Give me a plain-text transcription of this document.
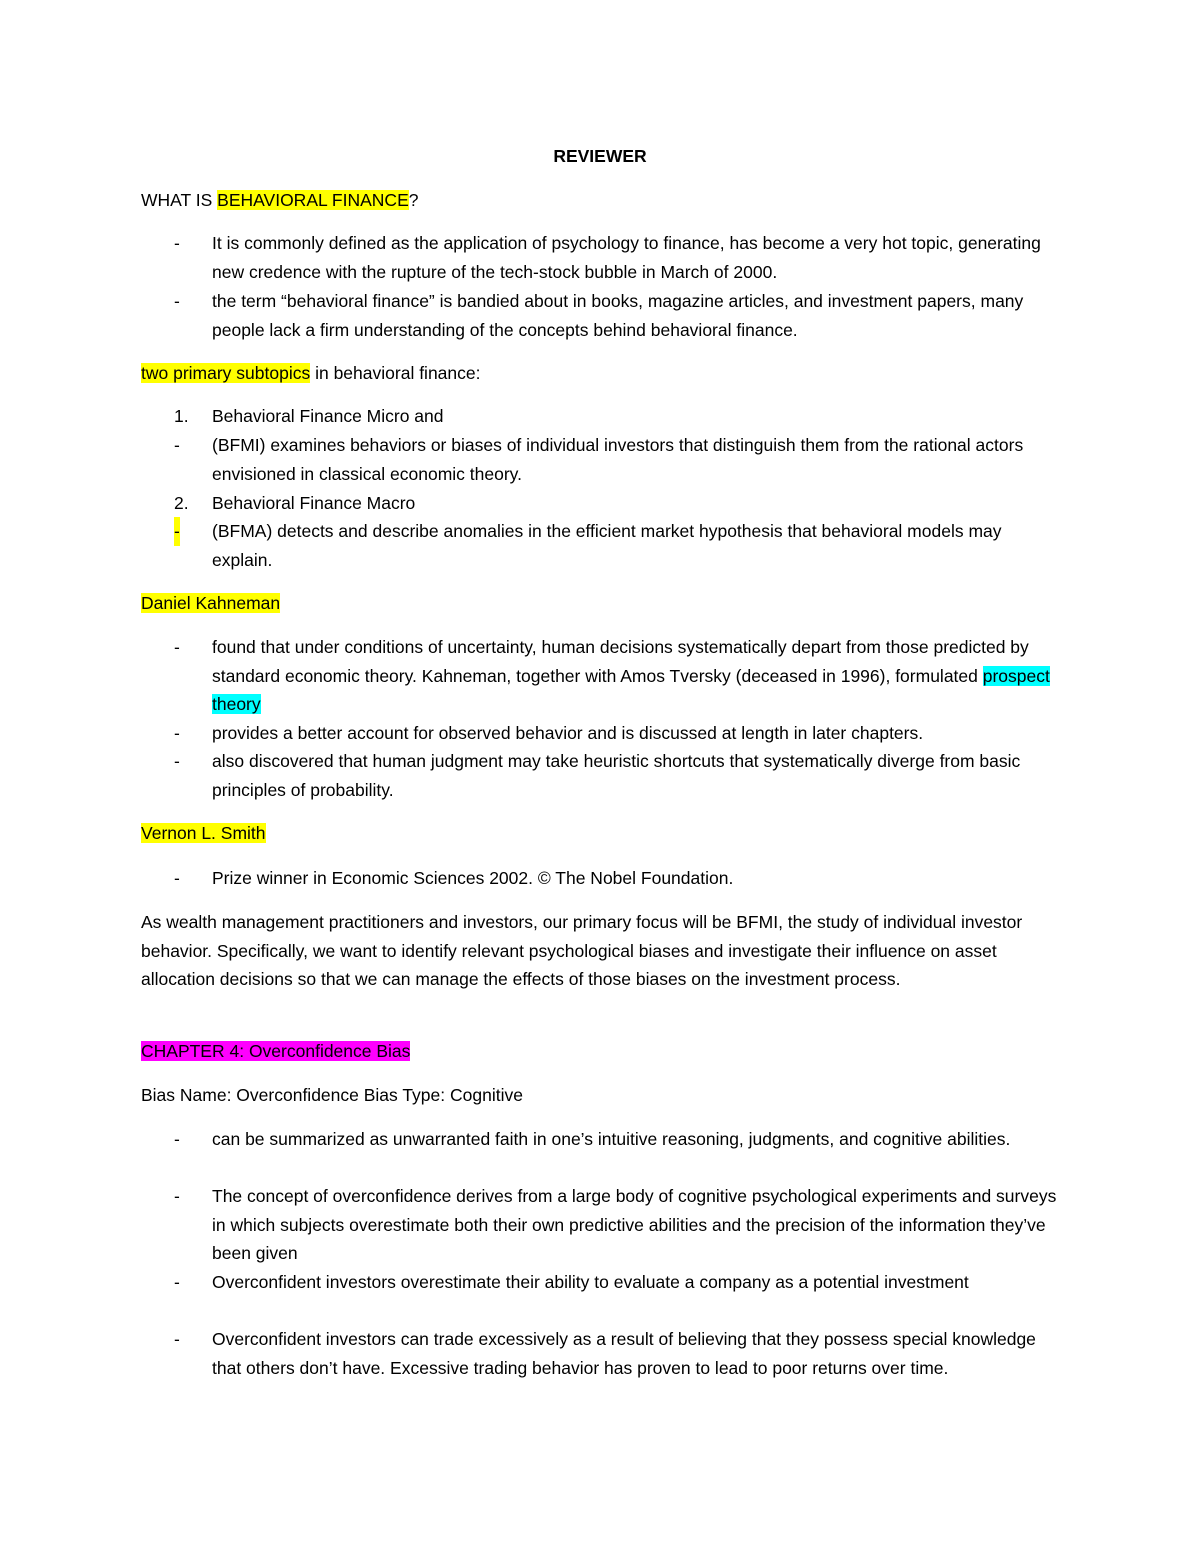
REVIEWER

WHAT IS BEHAVIORAL FINANCE?

- It is commonly defined as the application of psychology to finance, has become a very hot topic, generating new credence with the rupture of the tech-stock bubble in March of 2000.
- the term “behavioral finance” is bandied about in books, magazine articles, and investment papers, many people lack a firm understanding of the concepts behind behavioral finance.

two primary subtopics in behavioral finance:

1. Behavioral Finance Micro and
- (BFMI) examines behaviors or biases of individual investors that distinguish them from the rational actors envisioned in classical economic theory.
2. Behavioral Finance Macro
- (BFMA) detects and describe anomalies in the efficient market hypothesis that behavioral models may explain.

Daniel Kahneman

- found that under conditions of uncertainty, human decisions systematically depart from those predicted by standard economic theory. Kahneman, together with Amos Tversky (deceased in 1996), formulated prospect theory
- provides a better account for observed behavior and is discussed at length in later chapters.
- also discovered that human judgment may take heuristic shortcuts that systematically diverge from basic principles of probability.

Vernon L. Smith

- Prize winner in Economic Sciences 2002. © The Nobel Foundation.

As wealth management practitioners and investors, our primary focus will be BFMI, the study of individual investor behavior. Specifically, we want to identify relevant psychological biases and investigate their influence on asset allocation decisions so that we can manage the effects of those biases on the investment process.

CHAPTER 4: Overconfidence Bias

Bias Name: Overconfidence Bias Type: Cognitive

- can be summarized as unwarranted faith in one’s intuitive reasoning, judgments, and cognitive abilities.
- The concept of overconfidence derives from a large body of cognitive psychological experiments and surveys in which subjects overestimate both their own predictive abilities and the precision of the information they’ve been given
- Overconfident investors overestimate their ability to evaluate a company as a potential investment
- Overconfident investors can trade excessively as a result of believing that they possess special knowledge that others don’t have. Excessive trading behavior has proven to lead to poor returns over time.
